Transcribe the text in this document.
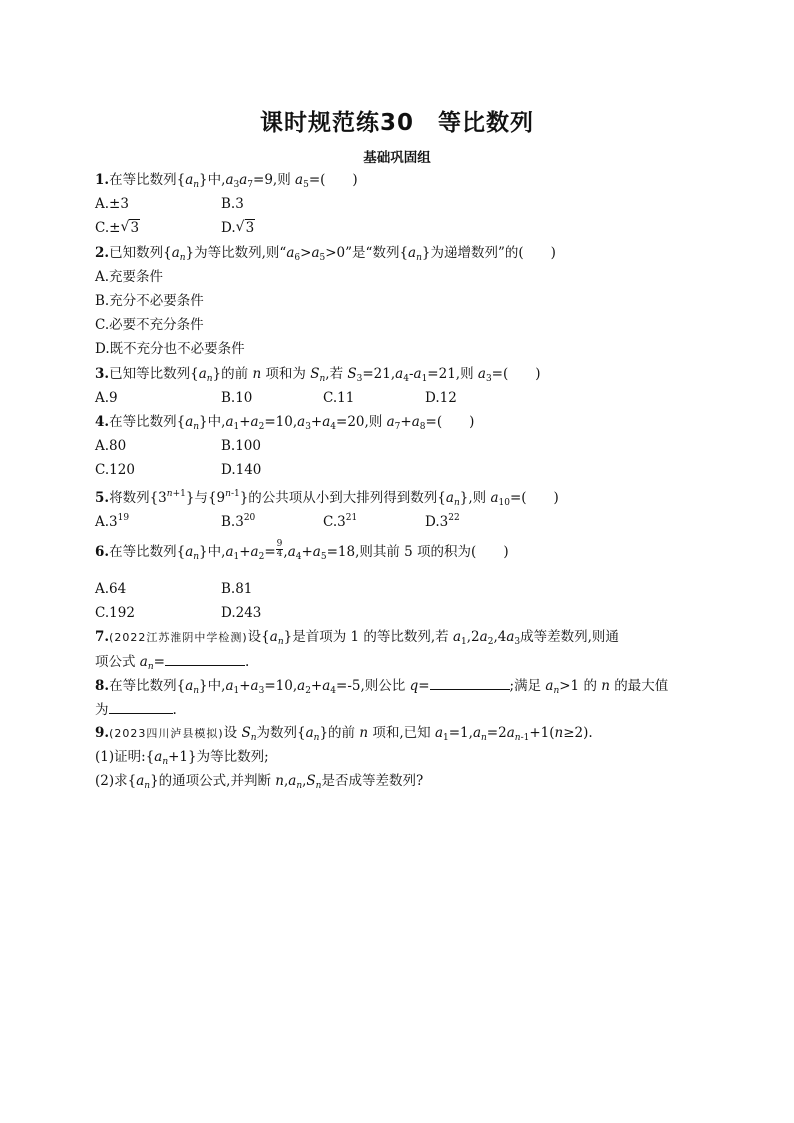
课时规范练30　等比数列
基础巩固组
1.在等比数列$\{a_n\}$中$,a_3a_7=9$,则 $a_5=$(　　)
A.±3	B.3
C.± √ 3	D. √ 3
2.已知数列$\{a_n\}$为等比数列,则“$a_6>a_5>0$”是“数列$\{a_n\}$为递增数列”的(　　)
A.充要条件
B.充分不必要条件
C.必要不充分条件
D.既不充分也不必要条件
3.已知等比数列$\{a_n\}$的前 n 项和为 $S_n$,若 $S_3=21,a_4-a_1=21$,则 $a_3=$(　　)
A.9	B.10	C.11	D.12
4.在等比数列$\{a_n\}$中$,a_1+a_2=10,a_3+a_4=20$,则 $a_7+a_8=$(　　)
A.80	B.100
C.120	D.140
5.将数列$\{3^{n+1}\}$与{9$^{n-1}$}的公共项从小到大排列得到数列$\{a_n\}$,则 $a_{10}=$(　　)
$A.3^{19}$	$B.3^{20}$	$C.3^{21}$	$D.3^{22}$
6.在等比数列$\{a_n\}$中$,a_1+a_2= \frac{9}{4} ,a_4+a_5=18$,则其前 5 项的积为(　　)
A.64	B.81
C.192	D.243
7.(2022江苏淮阴中学检测)设$\{a_n\}$是首项为 1 的等比数列,若 $a_1,2a_2,4a_3$成等差数列,则通
项公式 $a_n=$	.
8.在等比数列$\{a_n\}$中$,a_1+a_3=10,a_2+a_4=-5$,则公比 q=	;满足 $a_n>1$ 的 n 的最大值
为	.
9.(2023四川泸县模拟)设 $S_n$为数列$\{a_n\}$的前 n 项和,已知 $a_1=1,a_n=2a_{n-1}+1(n\ge 2)$.
(1)证明$:\{a_n+1\}$为等比数列;
(2)求$\{a_n\}$的通项公式,并判断 $n,a_n,S_n$是否成等差数列?
